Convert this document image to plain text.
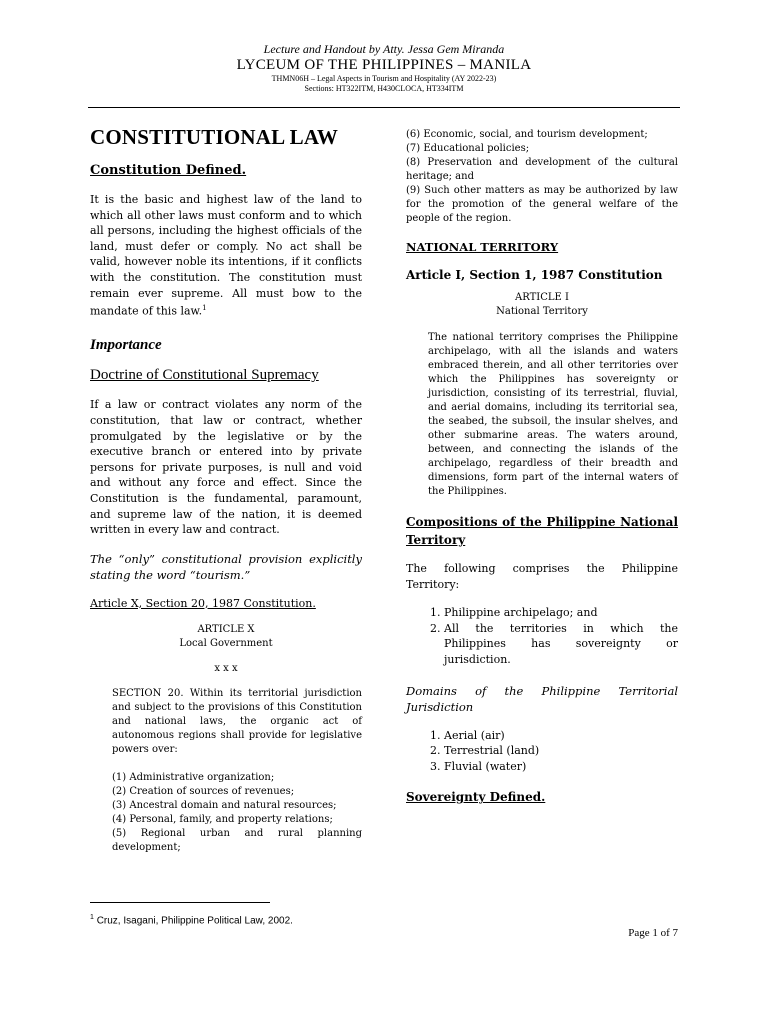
Lecture and Handout by Atty. Jessa Gem Miranda
LYCEUM OF THE PHILIPPINES – MANILA
THMN06H – Legal Aspects in Tourism and Hospitality (AY 2022-23)
Sections: HT322ITM, H430CLOCA, HT334ITM
CONSTITUTIONAL LAW
Constitution Defined.

It is the basic and highest law of the land to which all other laws must conform and to which all persons, including the highest officials of the land, must defer or comply. No act shall be valid, however noble its intentions, if it conflicts with the constitution. The constitution must remain ever supreme. All must bow to the mandate of this law.$^1$

Importance
Doctrine of Constitutional Supremacy

If a law or contract violates any norm of the constitution, that law or contract, whether promulgated by the legislative or by the executive branch or entered into by private persons for private purposes, is null and void and without any force and effect. Since the Constitution is the fundamental, paramount, and supreme law of the nation, it is deemed written in every law and contract.

The “only” constitutional provision explicitly stating the word “tourism.”

Article X, Section 20, 1987 Constitution.

ARTICLE X

Local Government

x x x

SECTION 20. Within its territorial jurisdiction and subject to the provisions of this Constitution and national laws, the organic act of autonomous regions shall provide for legislative powers over:

(1) Administrative organization;
(2) Creation of sources of revenues;
(3) Ancestral domain and natural resources;
(4) Personal, family, and property relations;
(5) Regional urban and rural planning development;
(6) Economic, social, and tourism development;
(7) Educational policies;
(8) Preservation and development of the cultural heritage; and
(9) Such other matters as may be authorized by law for the promotion of the general welfare of the people of the region.

NATIONAL TERRITORY

Article I, Section 1, 1987 Constitution

ARTICLE I

National Territory

The national territory comprises the Philippine archipelago, with all the islands and waters embraced therein, and all other territories over which the Philippines has sovereignty or jurisdiction, consisting of its terrestrial, fluvial, and aerial domains, including its territorial sea, the seabed, the subsoil, the insular shelves, and other submarine areas. The waters around, between, and connecting the islands of the archipelago, regardless of their breadth and dimensions, form part of the internal waters of the Philippines.

Compositions of the Philippine National Territory

The following comprises the Philippine Territory:

1. Philippine archipelago; and
2. All the territories in which the Philippines has sovereignty or jurisdiction.

Domains of the Philippine Territorial Jurisdiction

1. Aerial (air)
2. Terrestrial (land)
3. Fluvial (water)

Sovereignty Defined.

$^1$ Cruz, Isagani, Philippine Political Law, 2002.
Page 1 of 7
